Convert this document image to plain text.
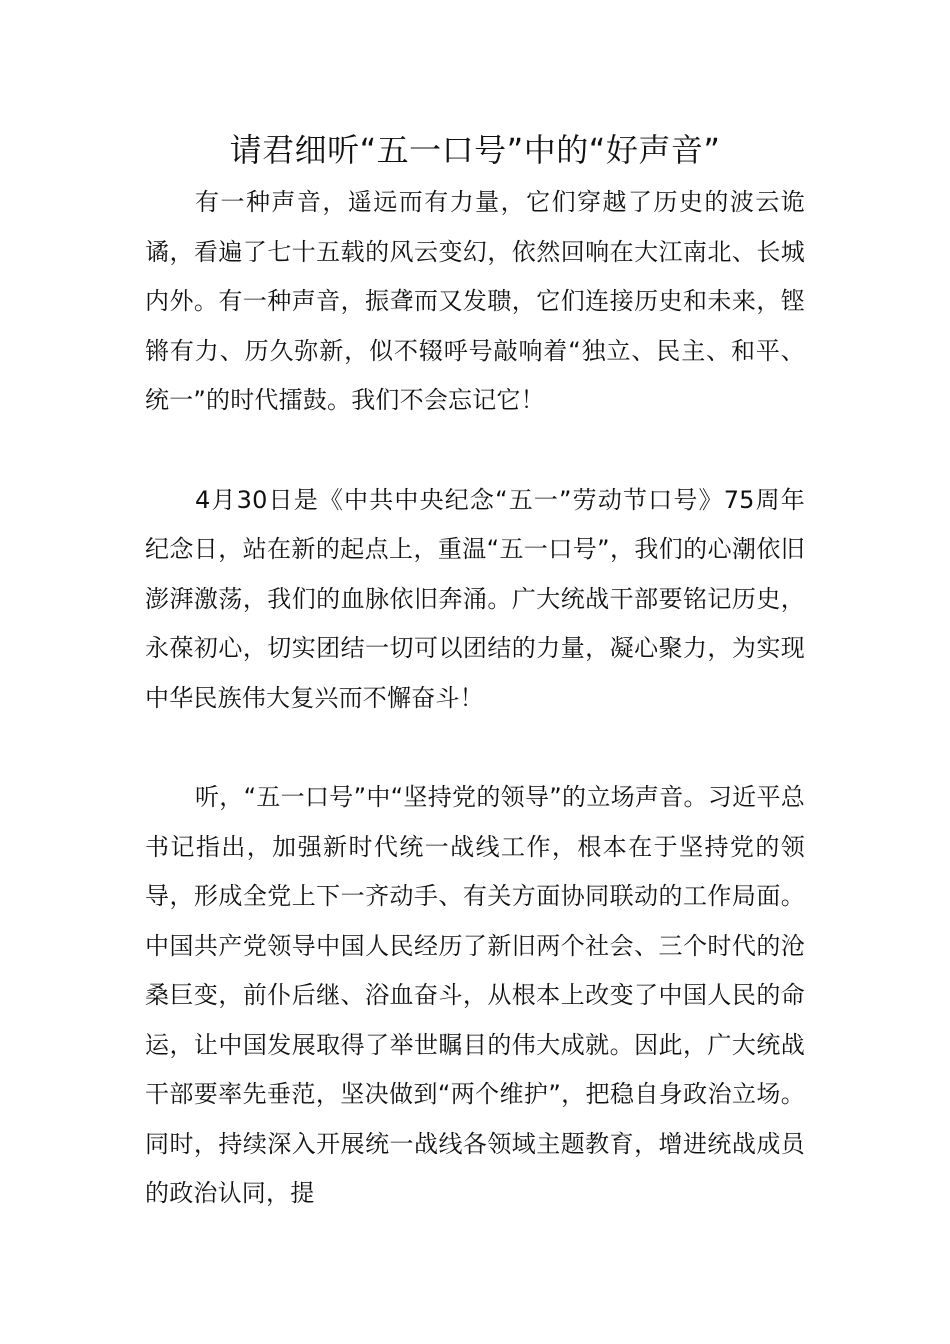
请君细听“五一口号”中的“好声音”

有一种声音，遥远而有力量，它们穿越了历史的波云诡谲，看遍了七十五载的风云变幻，依然回响在大江南北、长城内外。有一种声音，振聋而又发聩，它们连接历史和未来，铿锵有力、历久弥新，似不辍呼号敲响着“独立、民主、和平、统一”的时代擂鼓。我们不会忘记它！

4月30日是《中共中央纪念“五一”劳动节口号》75周年纪念日，站在新的起点上，重温“五一口号”，我们的心潮依旧澎湃激荡，我们的血脉依旧奔涌。广大统战干部要铭记历史，永葆初心，切实团结一切可以团结的力量，凝心聚力，为实现中华民族伟大复兴而不懈奋斗！

听，“五一口号”中“坚持党的领导”的立场声音。习近平总书记指出，加强新时代统一战线工作，根本在于坚持党的领导，形成全党上下一齐动手、有关方面协同联动的工作局面。中国共产党领导中国人民经历了新旧两个社会、三个时代的沧桑巨变，前仆后继、浴血奋斗，从根本上改变了中国人民的命运，让中国发展取得了举世瞩目的伟大成就。因此，广大统战干部要率先垂范，坚决做到“两个维护”，把稳自身政治立场。同时，持续深入开展统一战线各领域主题教育，增进统战成员的政治认同，提
